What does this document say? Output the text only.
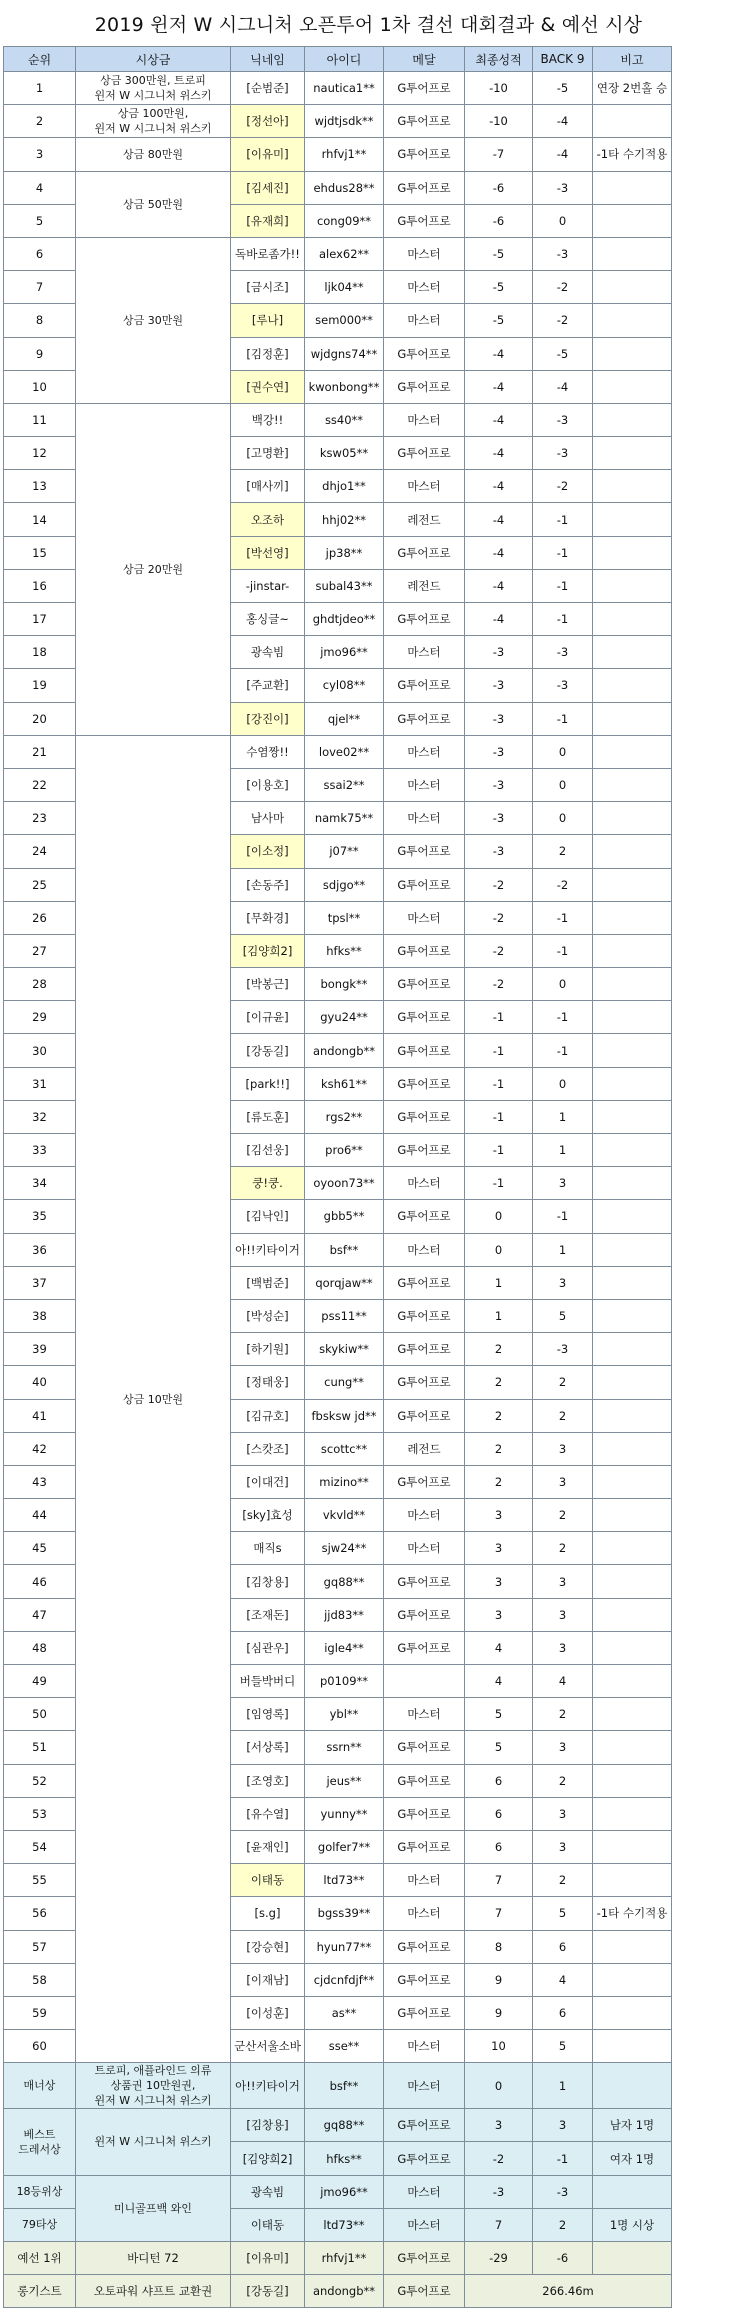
2019 윈저 W 시그니처 오픈투어 1차 결선 대회결과 & 예선 시상
순위	시상금	닉네임	아이디	메달	최종성적	BACK 9	비고
1	상금 300만원, 트로피
윈저 W 시그니처 위스키	[순범준]	nautica1**	G투어프로	-10	-5	연장 2번홀 승
2	상금 100만원,
윈저 W 시그니처 위스키	[정선아]	wjdtjsdk**	G투어프로	-10	-4	
3	상금 80만원	[이유미]	rhfvj1**	G투어프로	-7	-4	-1타 수기적용
4	상금 50만원	[김세진]	ehdus28**	G투어프로	-6	-3	
5		[유재희]	cong09**	G투어프로	-6	0	
6	상금 30만원	독바로좀가!!	alex62**	마스터	-5	-3	
7		[금시조]	ljk04**	마스터	-5	-2	
8		[루나]	sem000**	마스터	-5	-2	
9		[김정훈]	wjdgns74**	G투어프로	-4	-5	
10		[권수연]	kwonbong**	G투어프로	-4	-4	
11	상금 20만원	백강!!	ss40**	마스터	-4	-3	
12		[고명환]	ksw05**	G투어프로	-4	-3	
13		[매사끼]	dhjo1**	마스터	-4	-2	
14		오조하	hhj02**	레전드	-4	-1	
15		[박선영]	jp38**	G투어프로	-4	-1	
16		-jinstar-	subal43**	레전드	-4	-1	
17		홍싱글~	ghdtjdeo**	G투어프로	-4	-1	
18		광속빔	jmo96**	마스터	-3	-3	
19		[주교환]	cyl08**	G투어프로	-3	-3	
20		[강진이]	qjel**	G투어프로	-3	-1	
21	상금 10만원	수염짱!!	love02**	마스터	-3	0	
22		[이용호]	ssai2**	마스터	-3	0	
23		남사마	namk75**	마스터	-3	0	
24		[이소정]	j07**	G투어프로	-3	2	
25		[손동주]	sdjgo**	G투어프로	-2	-2	
26		[무화경]	tpsl**	마스터	-2	-1	
27		[김양희2]	hfks**	G투어프로	-2	-1	
28		[박봉근]	bongk**	G투어프로	-2	0	
29		[이규윤]	gyu24**	G투어프로	-1	-1	
30		[강동길]	andongb**	G투어프로	-1	-1	
31		[park!!]	ksh61**	G투어프로	-1	0	
32		[류도훈]	rgs2**	G투어프로	-1	1	
33		[김선웅]	pro6**	G투어프로	-1	1	
34		쿵!쿵.	oyoon73**	마스터	-1	3	
35		[김낙인]	gbb5**	G투어프로	0	-1	
36		아!!키타이거	bsf**	마스터	0	1	
37		[백범준]	qorqjaw**	G투어프로	1	3	
38		[박성순]	pss11**	G투어프로	1	5	
39		[하기원]	skykiw**	G투어프로	2	-3	
40		[정태웅]	cung**	G투어프로	2	2	
41		[김규호]	fbsksw jd**	G투어프로	2	2	
42		[스캇조]	scottc**	레전드	2	3	
43		[이대건]	mizino**	G투어프로	2	3	
44		[sky]효성	vkvld**	마스터	3	2	
45		매직s	sjw24**	마스터	3	2	
46		[김창용]	gq88**	G투어프로	3	3	
47		[조재돈]	jjd83**	G투어프로	3	3	
48		[심관우]	igle4**	G투어프로	4	3	
49		버들박버디	p0109**		4	4	
50		[임영록]	ybl**	마스터	5	2	
51		[서상록]	ssrn**	G투어프로	5	3	
52		[조영호]	jeus**	G투어프로	6	2	
53		[유수열]	yunny**	G투어프로	6	3	
54		[윤재인]	golfer7**	G투어프로	6	3	
55		이태동	ltd73**	마스터	7	2	
56		[s.g]	bgss39**	마스터	7	5	-1타 수기적용
57		[강승현]	hyun77**	G투어프로	8	6	
58		[이재남]	cjdcnfdjf**	G투어프로	9	4	
59		[이성훈]	as**	G투어프로	9	6	
60		군산서울소바	sse**	마스터	10	5	
매너상	트로피, 애플라인드 의류
상품권 10만원권,
윈저 W 시그니처 위스키	아!!키타이거	bsf**	마스터	0	1	
베스트
드레서상	윈저 W 시그니처 위스키	[김창용]	gq88**	G투어프로	3	3	남자 1명
		[김양희2]	hfks**	G투어프로	-2	-1	여자 1명
18등위상	미니골프백 와인	광속빔	jmo96**	마스터	-3	-3	
79타상		이태동	ltd73**	마스터	7	2	1명 시상
예선 1위	바디턴 72	[이유미]	rhfvj1**	G투어프로	-29	-6	
롱기스트	오토파워 샤프트 교환권	[강동길]	andongb**	G투어프로	266.46m		
